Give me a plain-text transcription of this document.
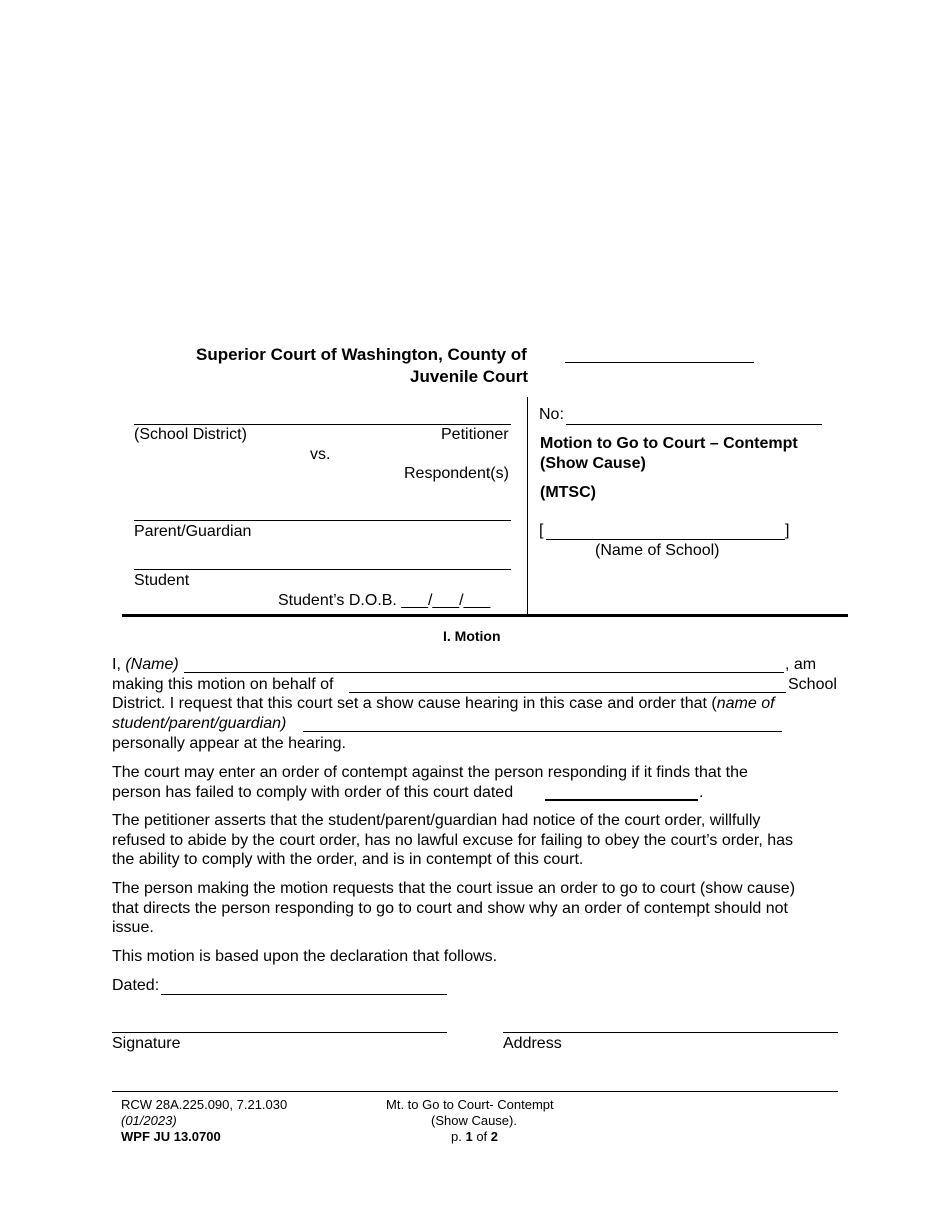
Superior Court of Washington, County of
Juvenile Court
(School District)	Petitioner
vs.
Respondent(s)
Parent/Guardian
Student
Student’s D.O.B. ___/___/___
No:
Motion to Go to Court – Contempt
(Show Cause)
(MTSC)
[	]
(Name of School)
I. Motion
I, (Name)	, am
making this motion on behalf of	School
District. I request that this court set a show cause hearing in this case and order that (name of
student/parent/guardian)
personally appear at the hearing.
The court may enter an order of contempt against the person responding if it finds that the
person has failed to comply with order of this court dated	.
The petitioner asserts that the student/parent/guardian had notice of the court order, willfully
refused to abide by the court order, has no lawful excuse for failing to obey the court’s order, has
the ability to comply with the order, and is in contempt of this court.
The person making the motion requests that the court issue an order to go to court (show cause)
that directs the person responding to go to court and show why an order of contempt should not
issue.
This motion is based upon the declaration that follows.
Dated:
Signature	Address
RCW 28A.225.090, 7.21.030
(01/2023)
WPF JU 13.0700
Mt. to Go to Court- Contempt
(Show Cause).
p. 1 of 2
